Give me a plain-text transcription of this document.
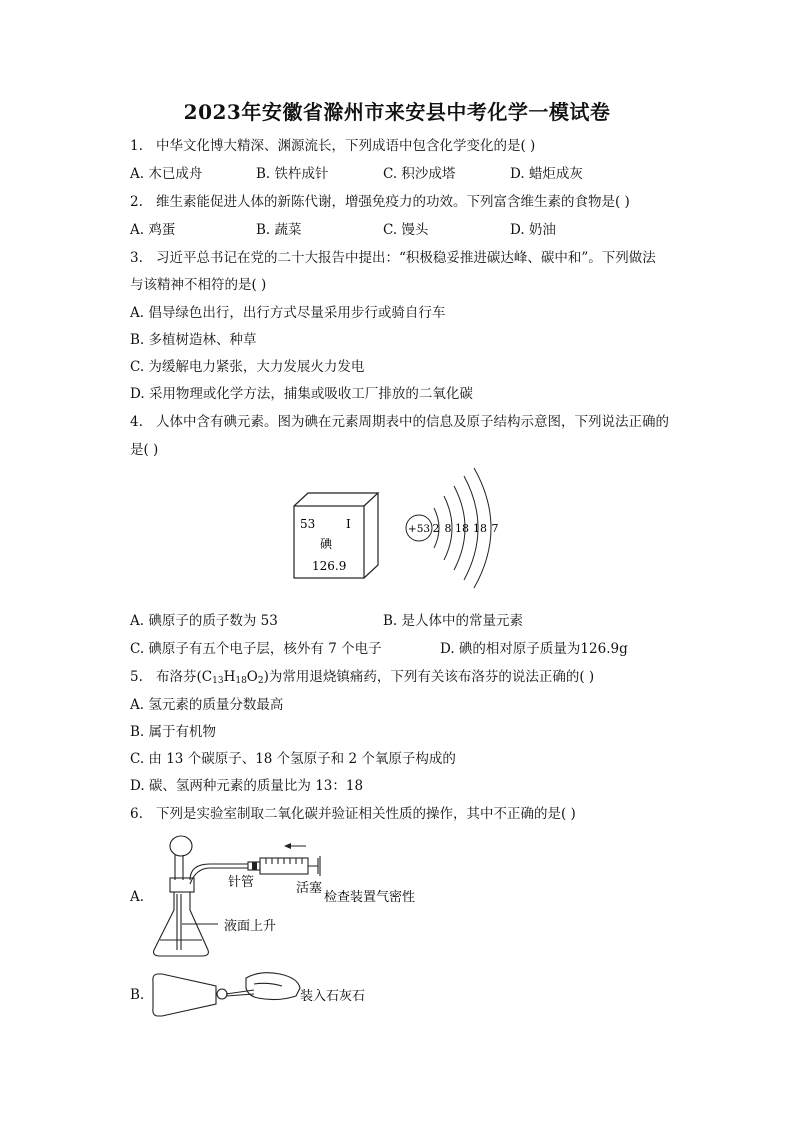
2023年安徽省滁州市来安县中考化学一模试卷
1. 中华文化博大精深、渊源流长，下列成语中包含化学变化的是( )
A. 木已成舟	B. 铁杵成针	C. 积沙成塔	D. 蜡炬成灰
2. 维生素能促进人体的新陈代谢，增强免疫力的功效。下列富含维生素的食物是( )
A. 鸡蛋	B. 蔬菜	C. 馒头	D. 奶油
3. 习近平总书记在党的二十大报告中提出：“积极稳妥推进碳达峰、碳中和”。下列做法
与该精神不相符的是( )
A. 倡导绿色出行，出行方式尽量采用步行或骑自行车
B. 多植树造林、种草
C. 为缓解电力紧张，大力发展火力发电
D. 采用物理或化学方法，捕集或吸收工厂排放的二氧化碳
4. 人体中含有碘元素。图为碘在元素周期表中的信息及原子结构示意图，下列说法正确的
是( )
53	I
碘
126.9
+53 2 8 18 18 7
A. 碘原子的质子数为 53	B. 是人体中的常量元素
C. 碘原子有五个电子层，核外有 7 个电子	D. 碘的相对原子质量为126.9g
5. 布洛芬$(C_{13}H_{18}O_2)$为常用退烧镇痛药，下列有关该布洛芬的说法正确的( )
A. 氢元素的质量分数最高
B. 属于有机物
C. 由 13 个碳原子、18 个氢原子和 2 个氧原子构成的
D. 碳、氢两种元素的质量比为 13：18
6. 下列是实验室制取二氧化碳并验证相关性质的操作，其中不正确的是( )
A.
针管	活塞
检查装置气密性
液面上升
B.	装入石灰石
